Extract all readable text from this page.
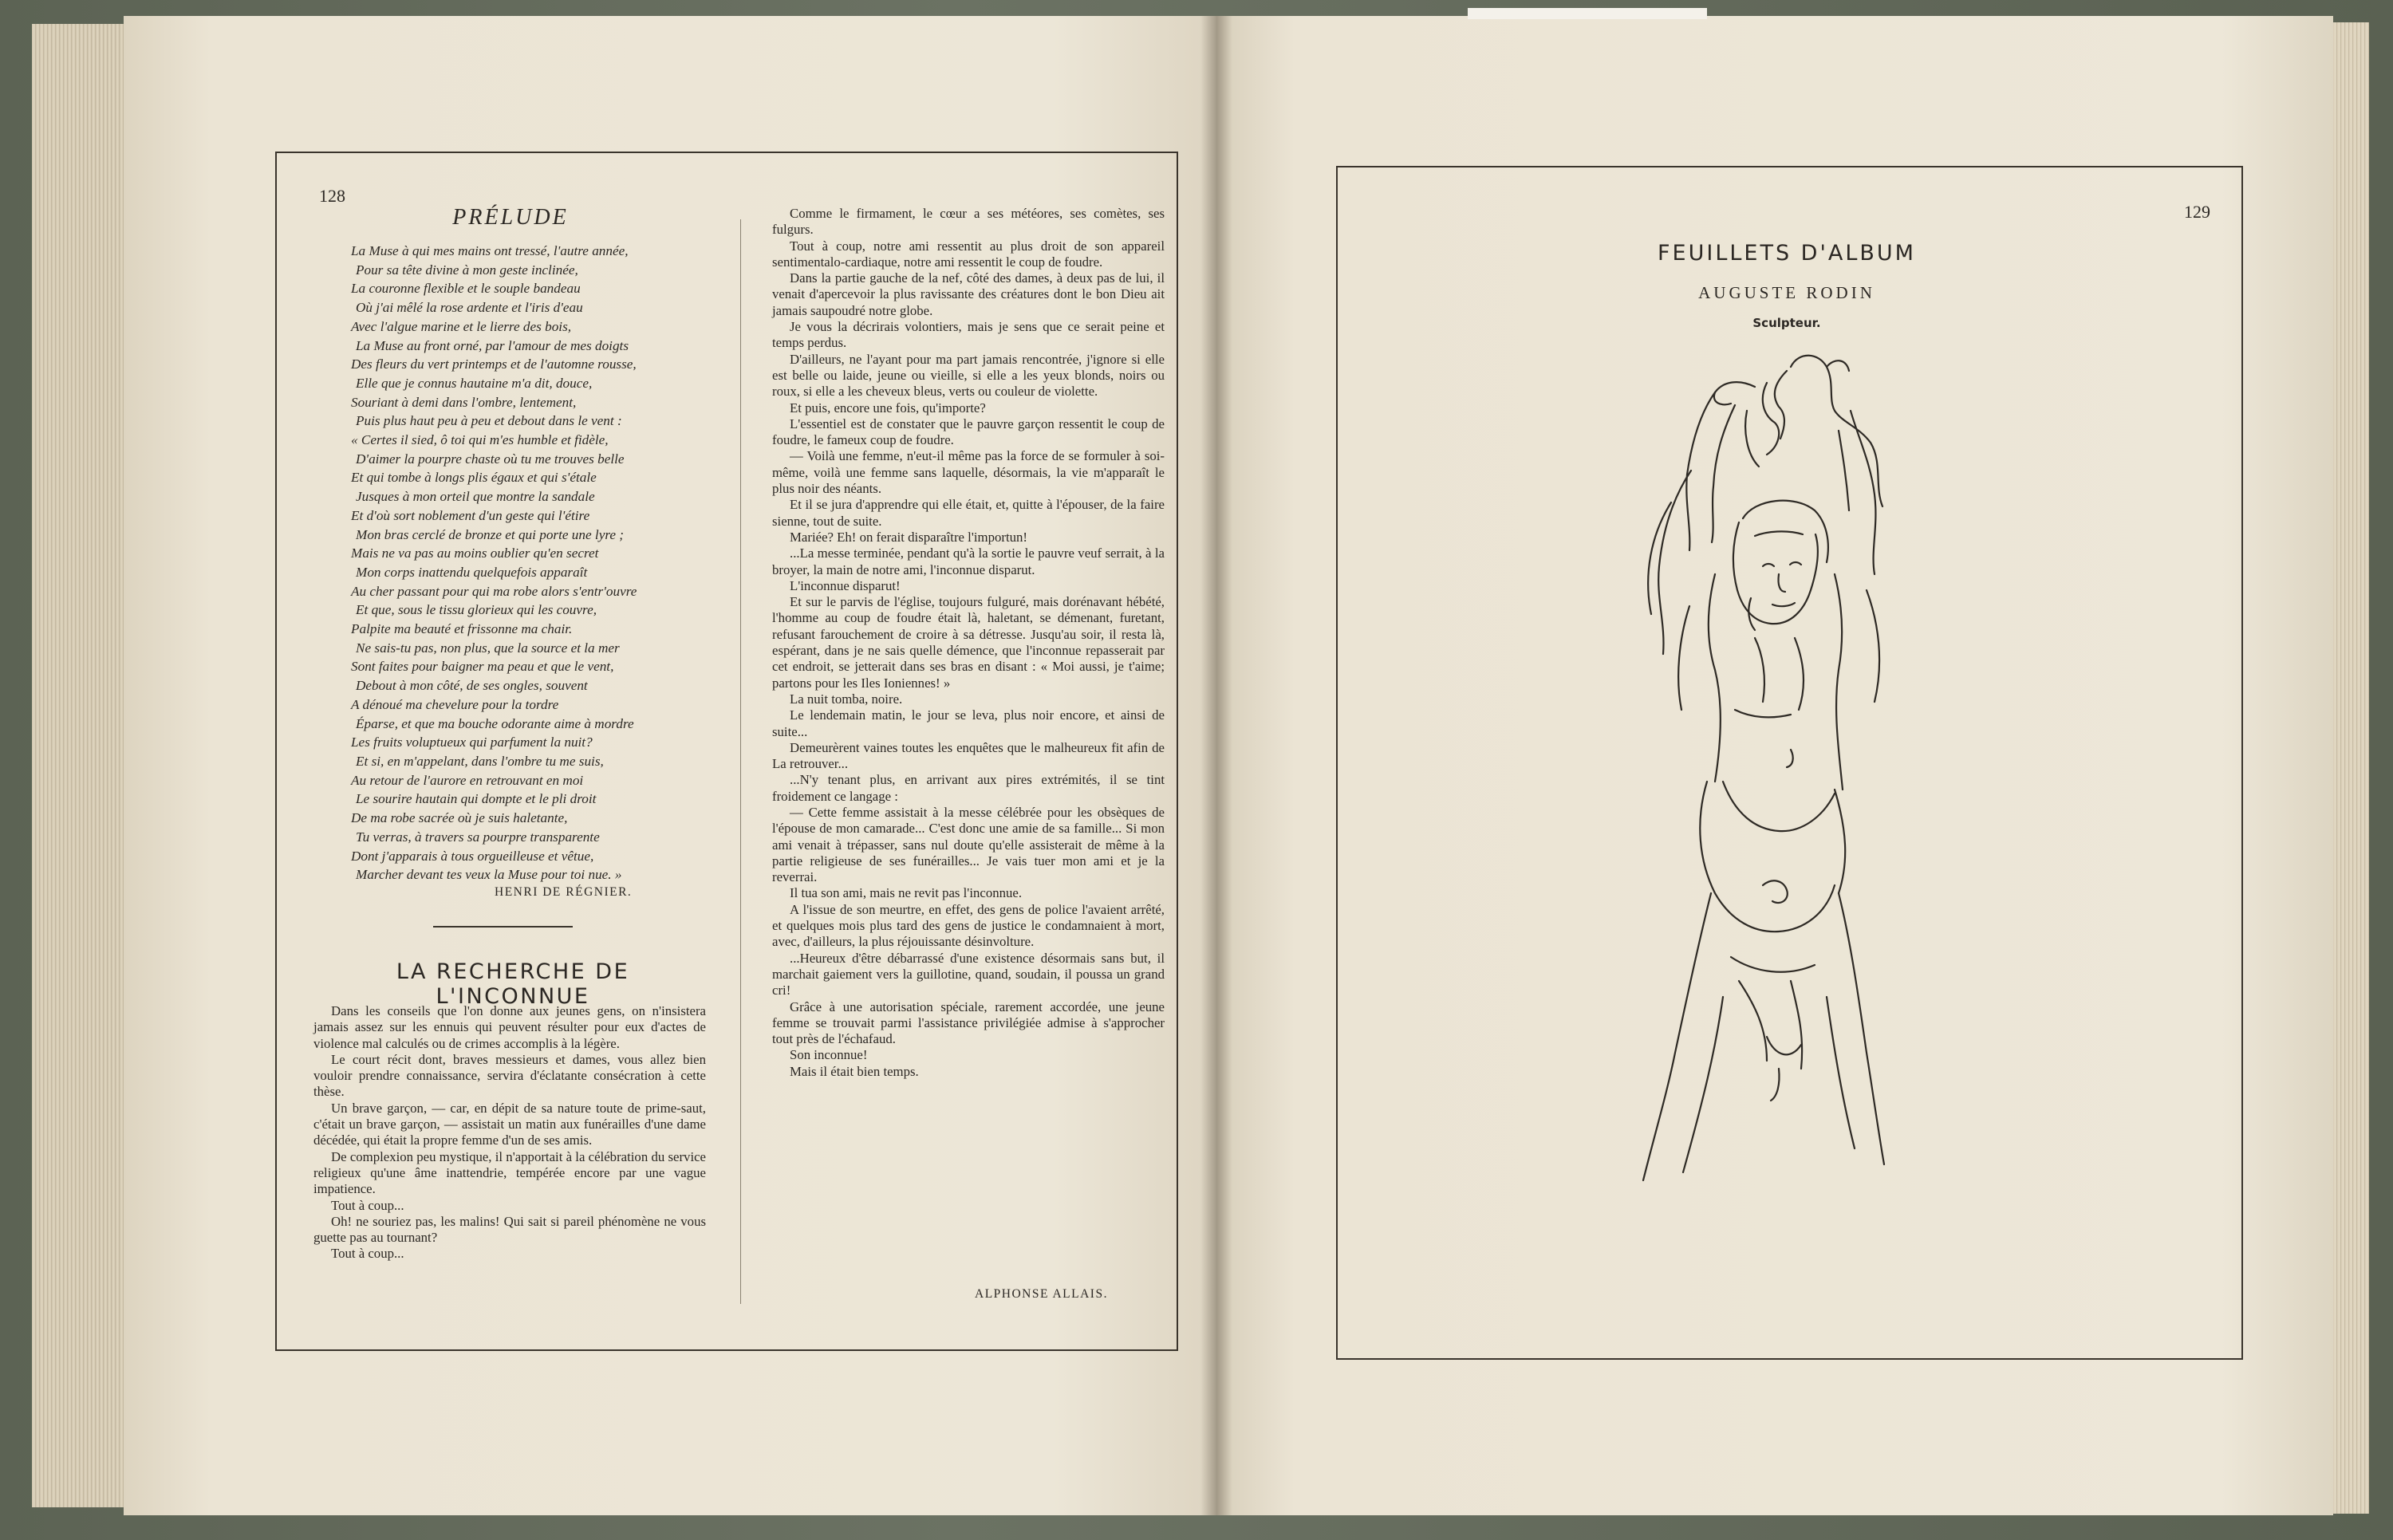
128
PRÉLUDE
La Muse à qui mes mains ont tressé, l'autre année,
Pour sa tête divine à mon geste inclinée,
La couronne flexible et le souple bandeau
Où j'ai mêlé la rose ardente et l'iris d'eau
Avec l'algue marine et le lierre des bois,
La Muse au front orné, par l'amour de mes doigts
Des fleurs du vert printemps et de l'automne rousse,
Elle que je connus hautaine m'a dit, douce,
Souriant à demi dans l'ombre, lentement,
Puis plus haut peu à peu et debout dans le vent :
« Certes il sied, ô toi qui m'es humble et fidèle,
D'aimer la pourpre chaste où tu me trouves belle
Et qui tombe à longs plis égaux et qui s'étale
Jusques à mon orteil que montre la sandale
Et d'où sort noblement d'un geste qui l'étire
Mon bras cerclé de bronze et qui porte une lyre ;
Mais ne va pas au moins oublier qu'en secret
Mon corps inattendu quelquefois apparaît
Au cher passant pour qui ma robe alors s'entr'ouvre
Et que, sous le tissu glorieux qui les couvre,
Palpite ma beauté et frissonne ma chair.
Ne sais-tu pas, non plus, que la source et la mer
Sont faites pour baigner ma peau et que le vent,
Debout à mon côté, de ses ongles, souvent
A dénoué ma chevelure pour la tordre
Éparse, et que ma bouche odorante aime à mordre
Les fruits voluptueux qui parfument la nuit?
Et si, en m'appelant, dans l'ombre tu me suis,
Au retour de l'aurore en retrouvant en moi
Le sourire hautain qui dompte et le pli droit
De ma robe sacrée où je suis haletante,
Tu verras, à travers sa pourpre transparente
Dont j'apparais à tous orgueilleuse et vêtue,
Marcher devant tes veux la Muse pour toi nue. »
HENRI DE RÉGNIER.
LA RECHERCHE DE L'INCONNUE

Dans les conseils que l'on donne aux jeunes gens, on n'insistera jamais assez sur les ennuis qui peuvent résulter pour eux d'actes de violence mal calculés ou de crimes accomplis à la légère.

Le court récit dont, braves messieurs et dames, vous allez bien vouloir prendre connaissance, servira d'éclatante consécration à cette thèse.

Un brave garçon, — car, en dépit de sa nature toute de prime-saut, c'était un brave garçon, — assistait un matin aux funérailles d'une dame décédée, qui était la propre femme d'un de ses amis.

De complexion peu mystique, il n'apportait à la célébration du service religieux qu'une âme inattendrie, tempérée encore par une vague impatience.

Tout à coup...

Oh! ne souriez pas, les malins! Qui sait si pareil phénomène ne vous guette pas au tournant?

Tout à coup...

Comme le firmament, le cœur a ses météores, ses comètes, ses fulgurs.

Tout à coup, notre ami ressentit au plus droit de son appareil sentimentalo-cardiaque, notre ami ressentit le coup de foudre.

Dans la partie gauche de la nef, côté des dames, à deux pas de lui, il venait d'apercevoir la plus ravissante des créatures dont le bon Dieu ait jamais saupoudré notre globe.

Je vous la décrirais volontiers, mais je sens que ce serait peine et temps perdus.

D'ailleurs, ne l'ayant pour ma part jamais rencontrée, j'ignore si elle est belle ou laide, jeune ou vieille, si elle a les yeux blonds, noirs ou roux, si elle a les cheveux bleus, verts ou couleur de violette.

Et puis, encore une fois, qu'importe?

L'essentiel est de constater que le pauvre garçon ressentit le coup de foudre, le fameux coup de foudre.

— Voilà une femme, n'eut-il même pas la force de se formuler à soi-même, voilà une femme sans laquelle, désormais, la vie m'apparaît le plus noir des néants.

Et il se jura d'apprendre qui elle était, et, quitte à l'épouser, de la faire sienne, tout de suite.

Mariée? Eh! on ferait disparaître l'importun!

...La messe terminée, pendant qu'à la sortie le pauvre veuf serrait, à la broyer, la main de notre ami, l'inconnue disparut.

L'inconnue disparut!

Et sur le parvis de l'église, toujours fulguré, mais dorénavant hébété, l'homme au coup de foudre était là, haletant, se démenant, furetant, refusant farouchement de croire à sa détresse. Jusqu'au soir, il resta là, espérant, dans je ne sais quelle démence, que l'inconnue repasserait par cet endroit, se jetterait dans ses bras en disant : « Moi aussi, je t'aime; partons pour les Iles Ioniennes! »

La nuit tomba, noire.

Le lendemain matin, le jour se leva, plus noir encore, et ainsi de suite...

Demeurèrent vaines toutes les enquêtes que le malheureux fit afin de La retrouver...

...N'y tenant plus, en arrivant aux pires extrémités, il se tint froidement ce langage :

— Cette femme assistait à la messe célébrée pour les obsèques de l'épouse de mon camarade... C'est donc une amie de sa famille... Si mon ami venait à trépasser, sans nul doute qu'elle assisterait de même à la partie religieuse de ses funérailles... Je vais tuer mon ami et je la reverrai.

Il tua son ami, mais ne revit pas l'inconnue.

A l'issue de son meurtre, en effet, des gens de police l'avaient arrêté, et quelques mois plus tard des gens de justice le condamnaient à mort, avec, d'ailleurs, la plus réjouissante désinvolture.

...Heureux d'être débarrassé d'une existence désormais sans but, il marchait gaiement vers la guillotine, quand, soudain, il poussa un grand cri!

Grâce à une autorisation spéciale, rarement accordée, une jeune femme se trouvait parmi l'assistance privilégiée admise à s'approcher tout près de l'échafaud.

Son inconnue!

Mais il était bien temps.

ALPHONSE ALLAIS.
129
FEUILLETS D'ALBUM
AUGUSTE RODIN
Sculpteur.
